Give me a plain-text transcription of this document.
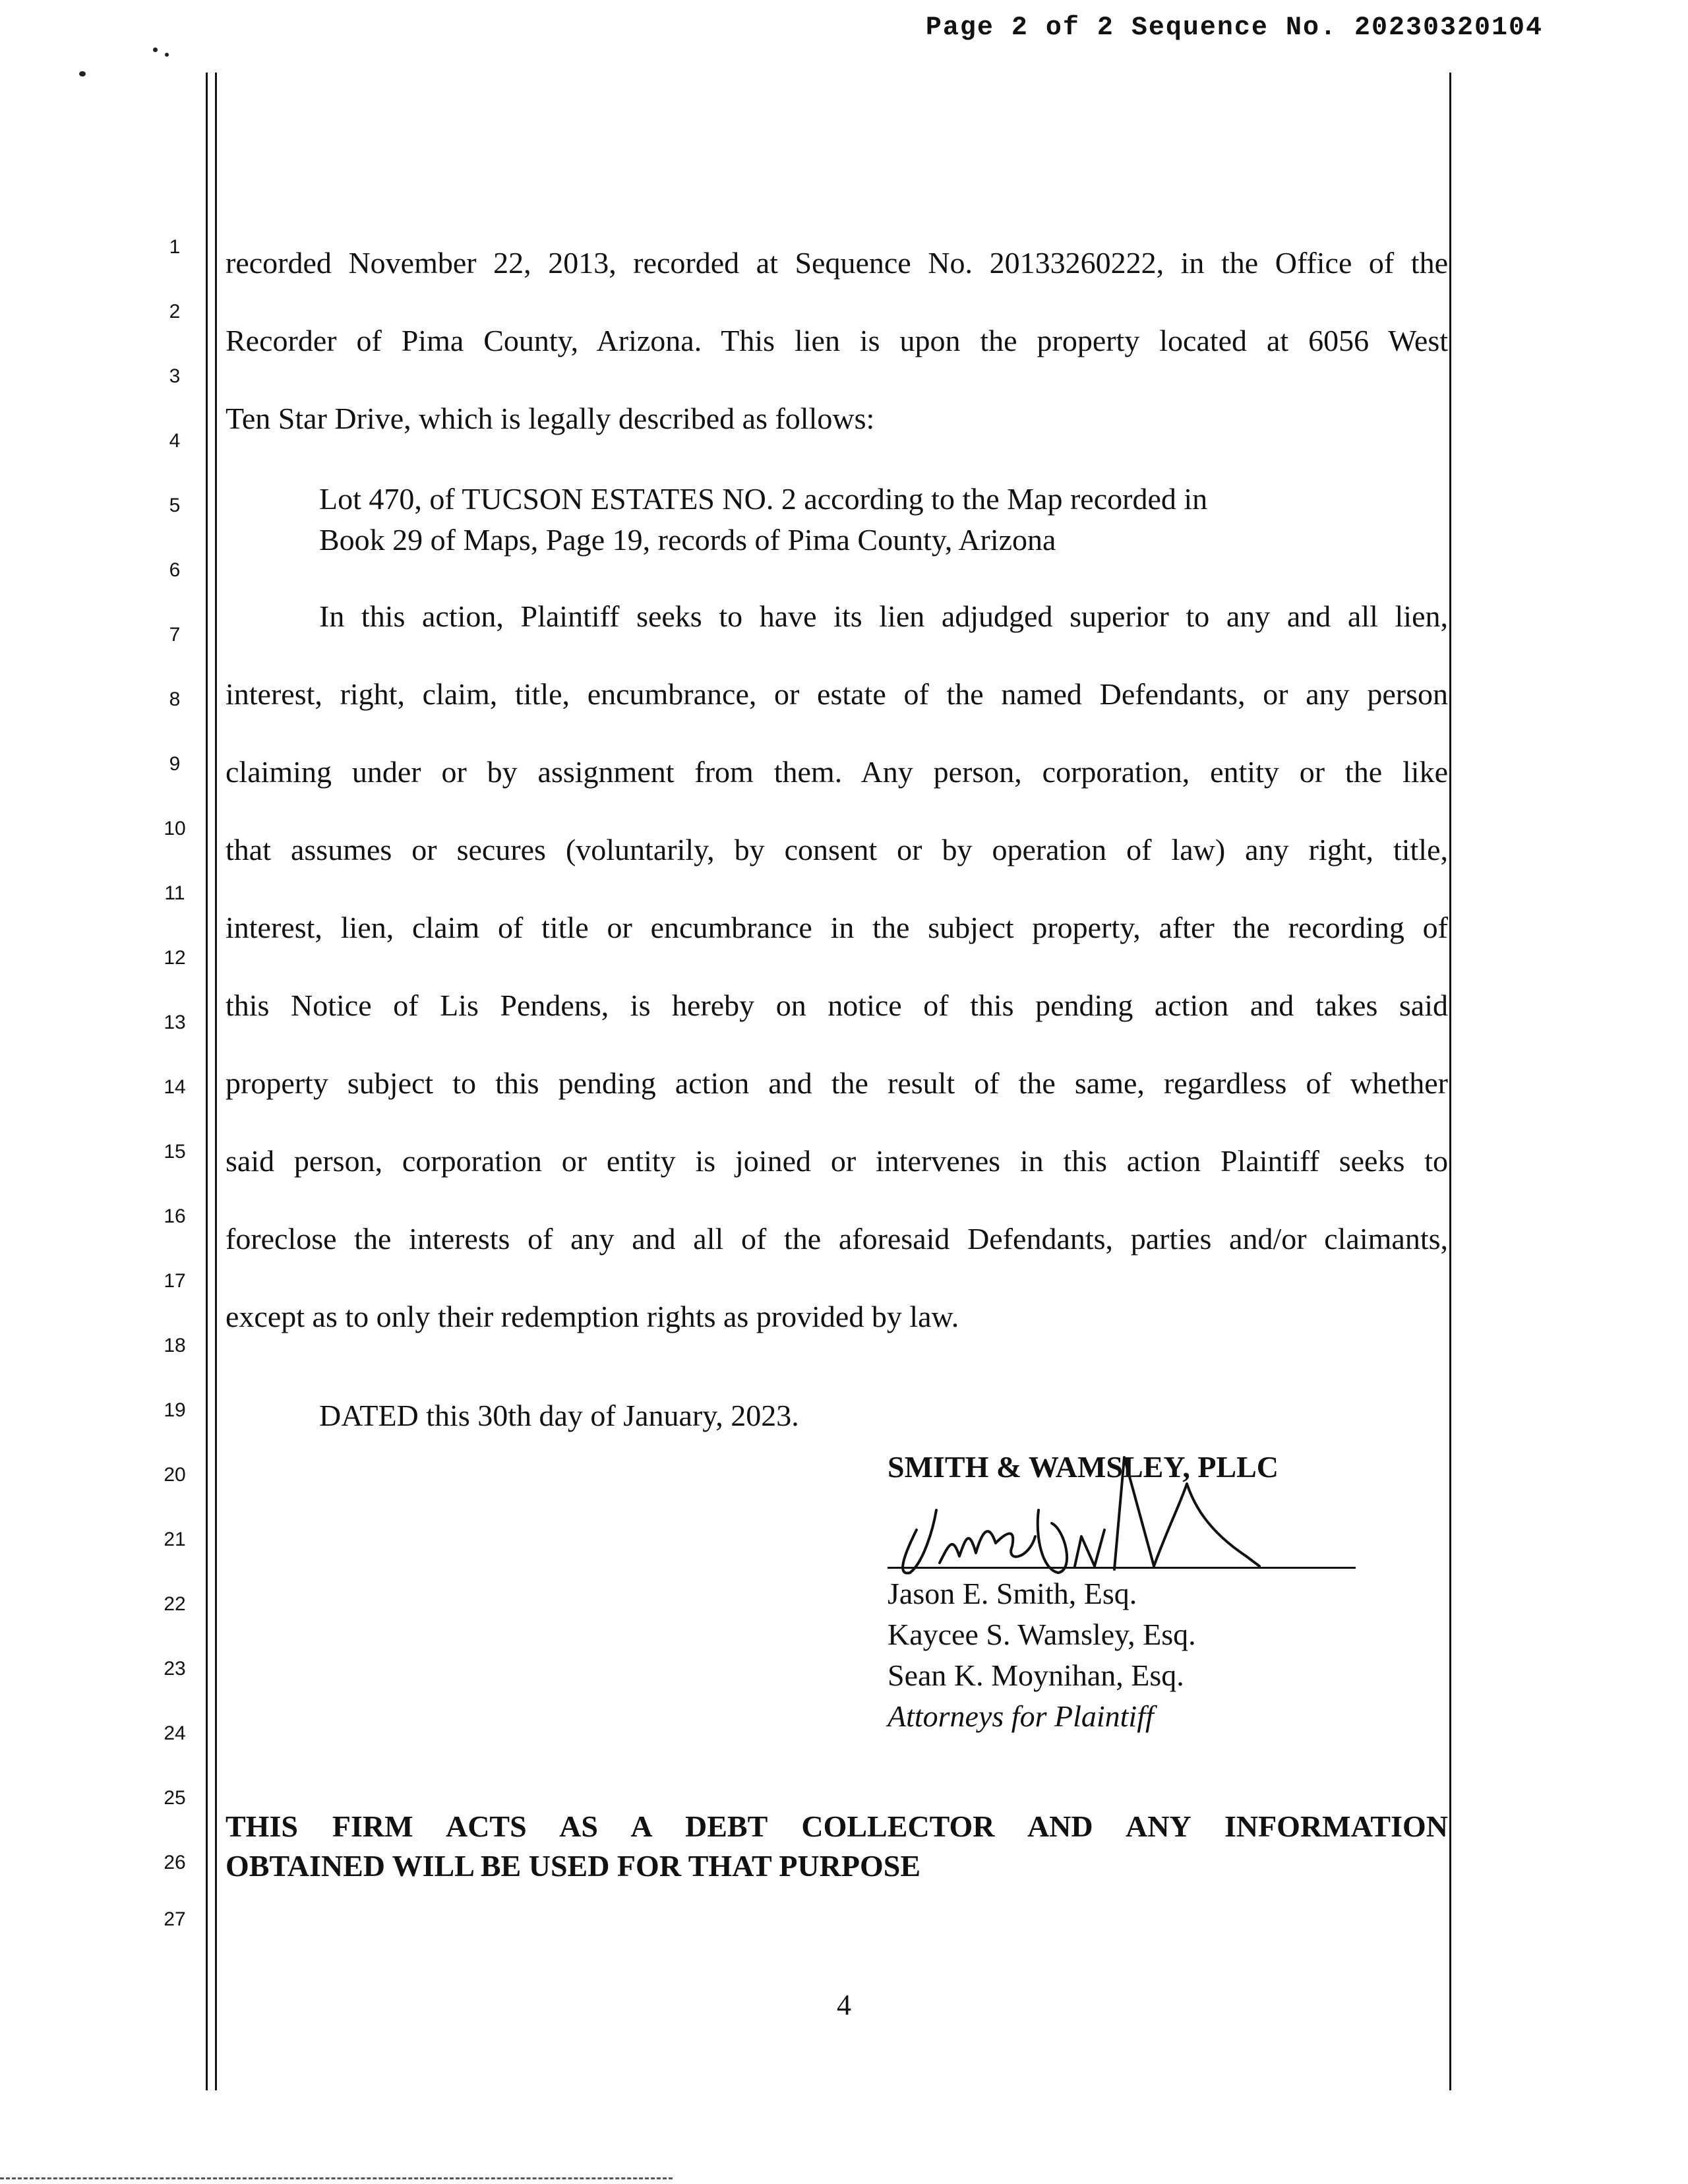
Page 2 of 2 Sequence No. 20230320104
1
2
3
4
5
6
7
8
9
10
11
12
13
14
15
16
17
18
19
20
21
22
23
24
25
26
27
recorded November 22, 2013, recorded at Sequence No. 20133260222, in the Office of the
Recorder of Pima County, Arizona. This lien is upon the property located at 6056 West
Ten Star Drive, which is legally described as follows:
Lot 470, of TUCSON ESTATES NO. 2 according to the Map recorded in
Book 29 of Maps, Page 19, records of Pima County, Arizona
In this action, Plaintiff seeks to have its lien adjudged superior to any and all lien,
interest, right, claim, title, encumbrance, or estate of the named Defendants, or any person
claiming under or by assignment from them. Any person, corporation, entity or the like
that assumes or secures (voluntarily, by consent or by operation of law) any right, title,
interest, lien, claim of title or encumbrance in the subject property, after the recording of
this Notice of Lis Pendens, is hereby on notice of this pending action and takes said
property subject to this pending action and the result of the same, regardless of whether
said person, corporation or entity is joined or intervenes in this action Plaintiff seeks to
foreclose the interests of any and all of the aforesaid Defendants, parties and/or claimants,
except as to only their redemption rights as provided by law.
DATED this 30th day of January, 2023.
SMITH & WAMSLEY, PLLC
Jason E. Smith, Esq.
Kaycee S. Wamsley, Esq.
Sean K. Moynihan, Esq.
Attorneys for Plaintiff
THIS FIRM ACTS AS A DEBT COLLECTOR AND ANY INFORMATION
OBTAINED WILL BE USED FOR THAT PURPOSE
4
